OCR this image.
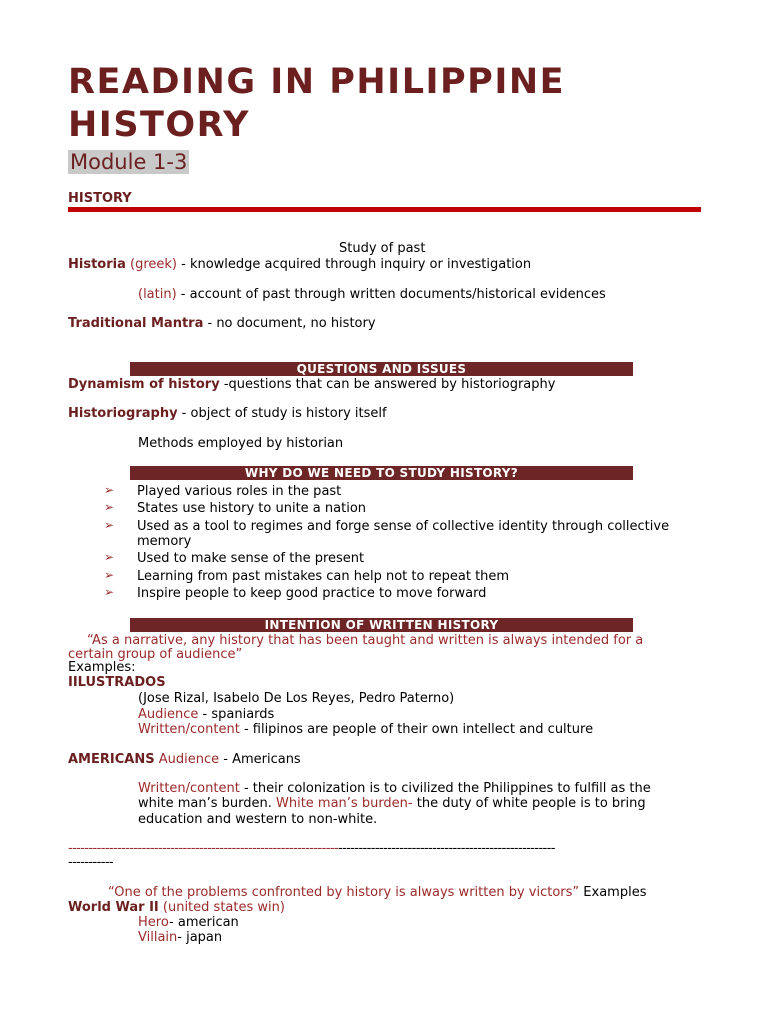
READING IN PHILIPPINE
HISTORY
Module 1-3
HISTORY
Study of past
Historia (greek) - knowledge acquired through inquiry or investigation
(latin) - account of past through written documents/historical evidences
Traditional Mantra - no document, no history
QUESTIONS AND ISSUES
Dynamism of history -questions that can be answered by historiography
Historiography - object of study is history itself
Methods employed by historian
WHY DO WE NEED TO STUDY HISTORY?
➢ Played various roles in the past
➢ States use history to unite a nation
➢ Used as a tool to regimes and forge sense of collective identity through collective
memory
➢ Used to make sense of the present
➢ Learning from past mistakes can help not to repeat them
➢ Inspire people to keep good practice to move forward
INTENTION OF WRITTEN HISTORY
“As a narrative, any history that has been taught and written is always intended for a
certain group of audience”
Examples:
IILUSTRADOS
(Jose Rizal, Isabelo De Los Reyes, Pedro Paterno)
Audience - spaniards
Written/content - filipinos are people of their own intellect and culture
AMERICANS Audience - Americans
Written/content - their colonization is to civilized the Philippines to fulfill as the
white man’s burden. White man’s burden- the duty of white people is to bring
education and western to non-white.
-----------------------------------------------------------------------------------------------------------------------
-----------
“One of the problems confronted by history is always written by victors” Examples
World War II (united states win)
Hero- american
Villain- japan
